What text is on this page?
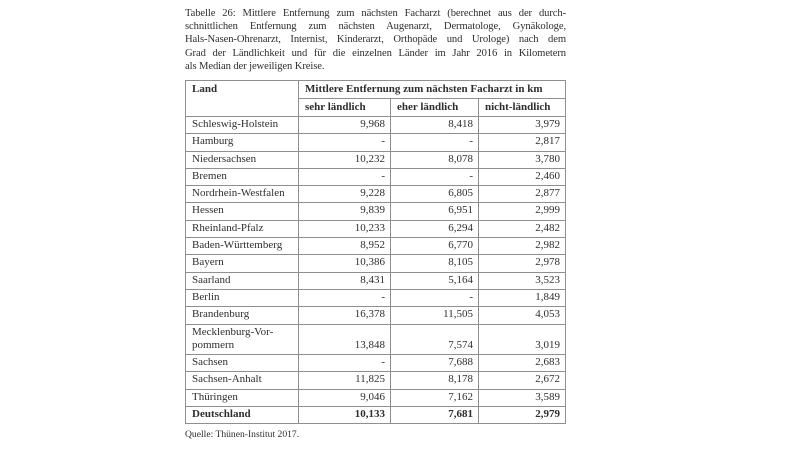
Tabelle 26: Mittlere Entfernung zum nächsten Facharzt (berechnet aus der durch-
schnittlichen Entfernung zum nächsten Augenarzt, Dermatologe, Gynäkologe,
Hals-Nasen-Ohrenarzt, Internist, Kinderarzt, Orthopäde und Urologe) nach dem
Grad der Ländlichkeit und für die einzelnen Länder im Jahr 2016 in Kilometern
als Median der jeweiligen Kreise.
Land	Mittlere Entfernung zum nächsten Facharzt in km		
	sehr ländlich	eher ländlich	nicht-ländlich
Schleswig-Holstein	9,968	8,418	3,979
Hamburg	-	-	2,817
Niedersachsen	10,232	8,078	3,780
Bremen	-	-	2,460
Nordrhein-Westfalen	9,228	6,805	2,877
Hessen	9,839	6,951	2,999
Rheinland-Pfalz	10,233	6,294	2,482
Baden-Württemberg	8,952	6,770	2,982
Bayern	10,386	8,105	2,978
Saarland	8,431	5,164	3,523
Berlin	-	-	1,849
Brandenburg	16,378	11,505	4,053
Mecklenburg-Vor-
pommern	13,848	7,574	3,019
Sachsen	-	7,688	2,683
Sachsen-Anhalt	11,825	8,178	2,672
Thüringen	9,046	7,162	3,589
Deutschland	10,133	7,681	2,979
Quelle: Thünen-Institut 2017.
